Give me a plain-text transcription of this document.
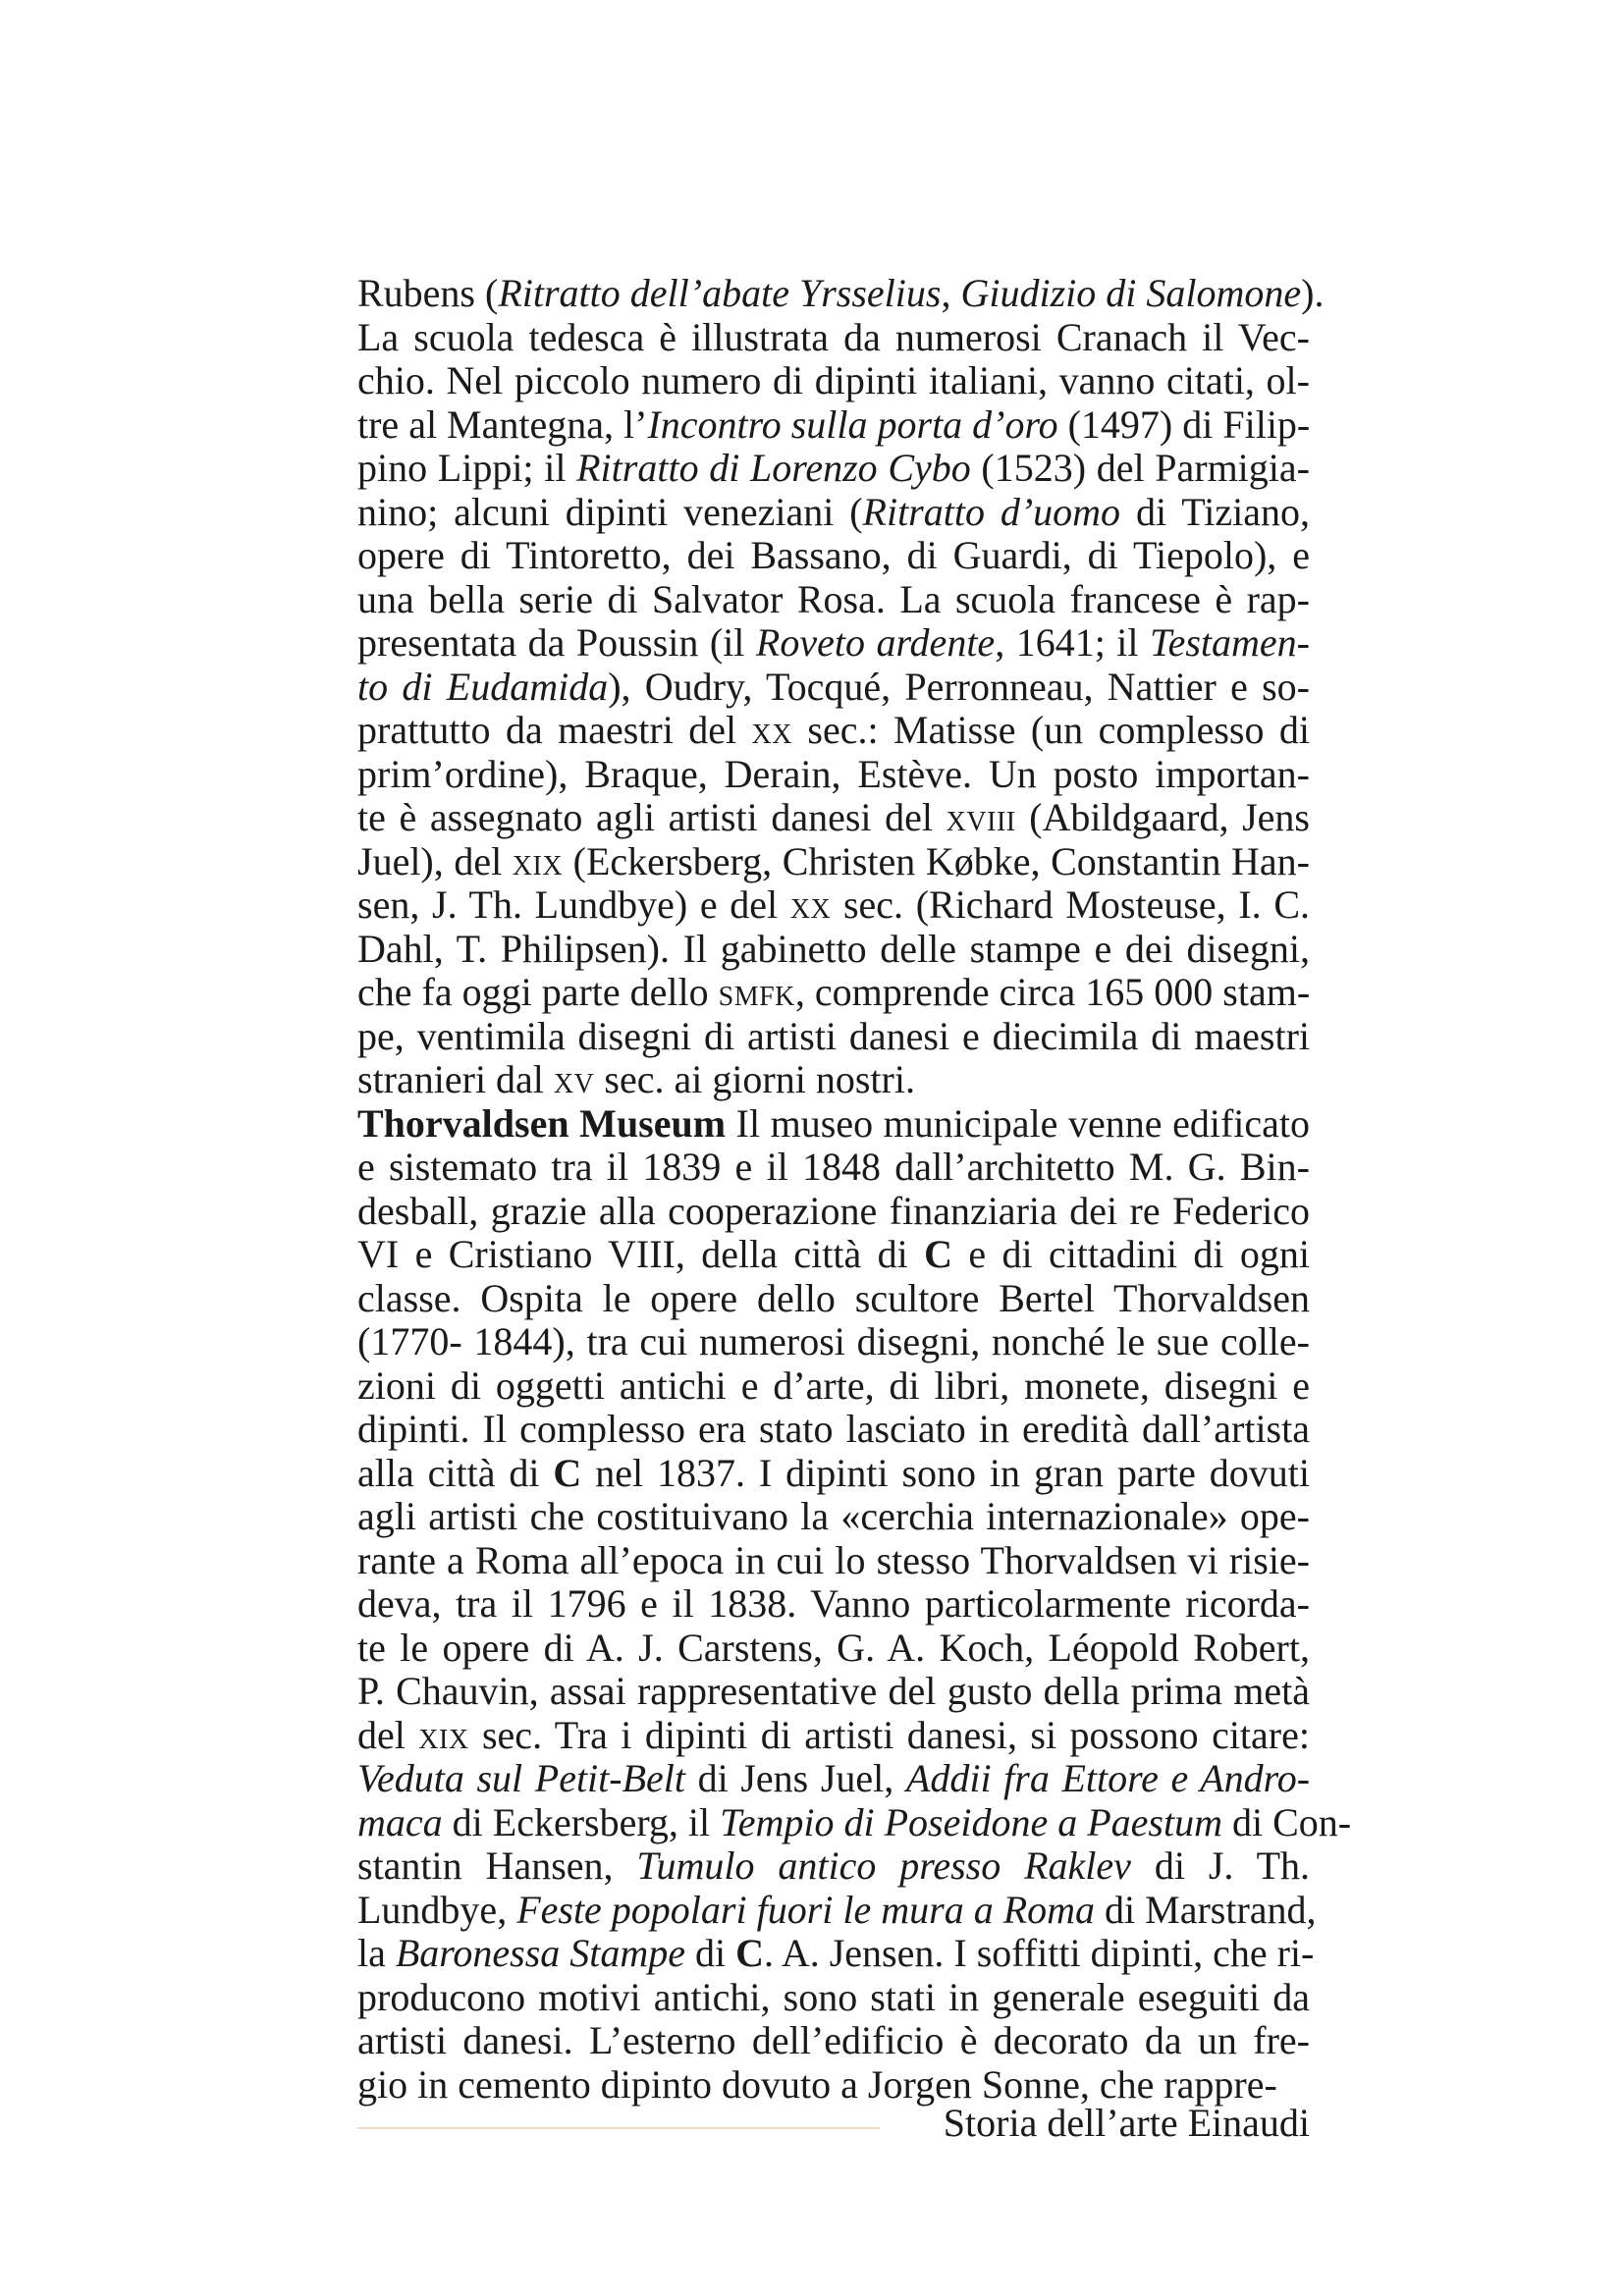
Rubens (Ritratto dell’abate Yrsselius, Giudizio di Salomone).
La scuola tedesca è illustrata da numerosi Cranach il Vec-
chio. Nel piccolo numero di dipinti italiani, vanno citati, ol-
tre al Mantegna, l’Incontro sulla porta d’oro (1497) di Filip-
pino Lippi; il Ritratto di Lorenzo Cybo (1523) del Parmigia-
nino; alcuni dipinti veneziani (Ritratto d’uomo di Tiziano,
opere di Tintoretto, dei Bassano, di Guardi, di Tiepolo), e
una bella serie di Salvator Rosa. La scuola francese è rap-
presentata da Poussin (il Roveto ardente, 1641; il Testamen-
to di Eudamida), Oudry, Tocqué, Perronneau, Nattier e so-
prattutto da maestri del xx sec.: Matisse (un complesso di
prim’ordine), Braque, Derain, Estève. Un posto importan-
te è assegnato agli artisti danesi del xviii (Abildgaard, Jens
Juel), del xix (Eckersberg, Christen Købke, Constantin Han-
sen, J. Th. Lundbye) e del xx sec. (Richard Mosteuse, I. C.
Dahl, T. Philipsen). Il gabinetto delle stampe e dei disegni,
che fa oggi parte dello smfk, comprende circa 165 000 stam-
pe, ventimila disegni di artisti danesi e diecimila di maestri
stranieri dal xv sec. ai giorni nostri.
Thorvaldsen Museum Il museo municipale venne edificato
e sistemato tra il 1839 e il 1848 dall’architetto M. G. Bin-
desball, grazie alla cooperazione finanziaria dei re Federico
VI e Cristiano VIII, della città di C e di cittadini di ogni
classe. Ospita le opere dello scultore Bertel Thorvaldsen
(1770- 1844), tra cui numerosi disegni, nonché le sue colle-
zioni di oggetti antichi e d’arte, di libri, monete, disegni e
dipinti. Il complesso era stato lasciato in eredità dall’artista
alla città di C nel 1837. I dipinti sono in gran parte dovuti
agli artisti che costituivano la «cerchia internazionale» ope-
rante a Roma all’epoca in cui lo stesso Thorvaldsen vi risie-
deva, tra il 1796 e il 1838. Vanno particolarmente ricorda-
te le opere di A. J. Carstens, G. A. Koch, Léopold Robert,
P. Chauvin, assai rappresentative del gusto della prima metà
del xix sec. Tra i dipinti di artisti danesi, si possono citare:
Veduta sul Petit-Belt di Jens Juel, Addii fra Ettore e Andro-
maca di Eckersberg, il Tempio di Poseidone a Paestum di Con-
stantin Hansen, Tumulo antico presso Raklev di J. Th.
Lundbye, Feste popolari fuori le mura a Roma di Marstrand,
la Baronessa Stampe di C. A. Jensen. I soffitti dipinti, che ri-
producono motivi antichi, sono stati in generale eseguiti da
artisti danesi. L’esterno dell’edificio è decorato da un fre-
gio in cemento dipinto dovuto a Jorgen Sonne, che rappre-
Storia dell’arte Einaudi
